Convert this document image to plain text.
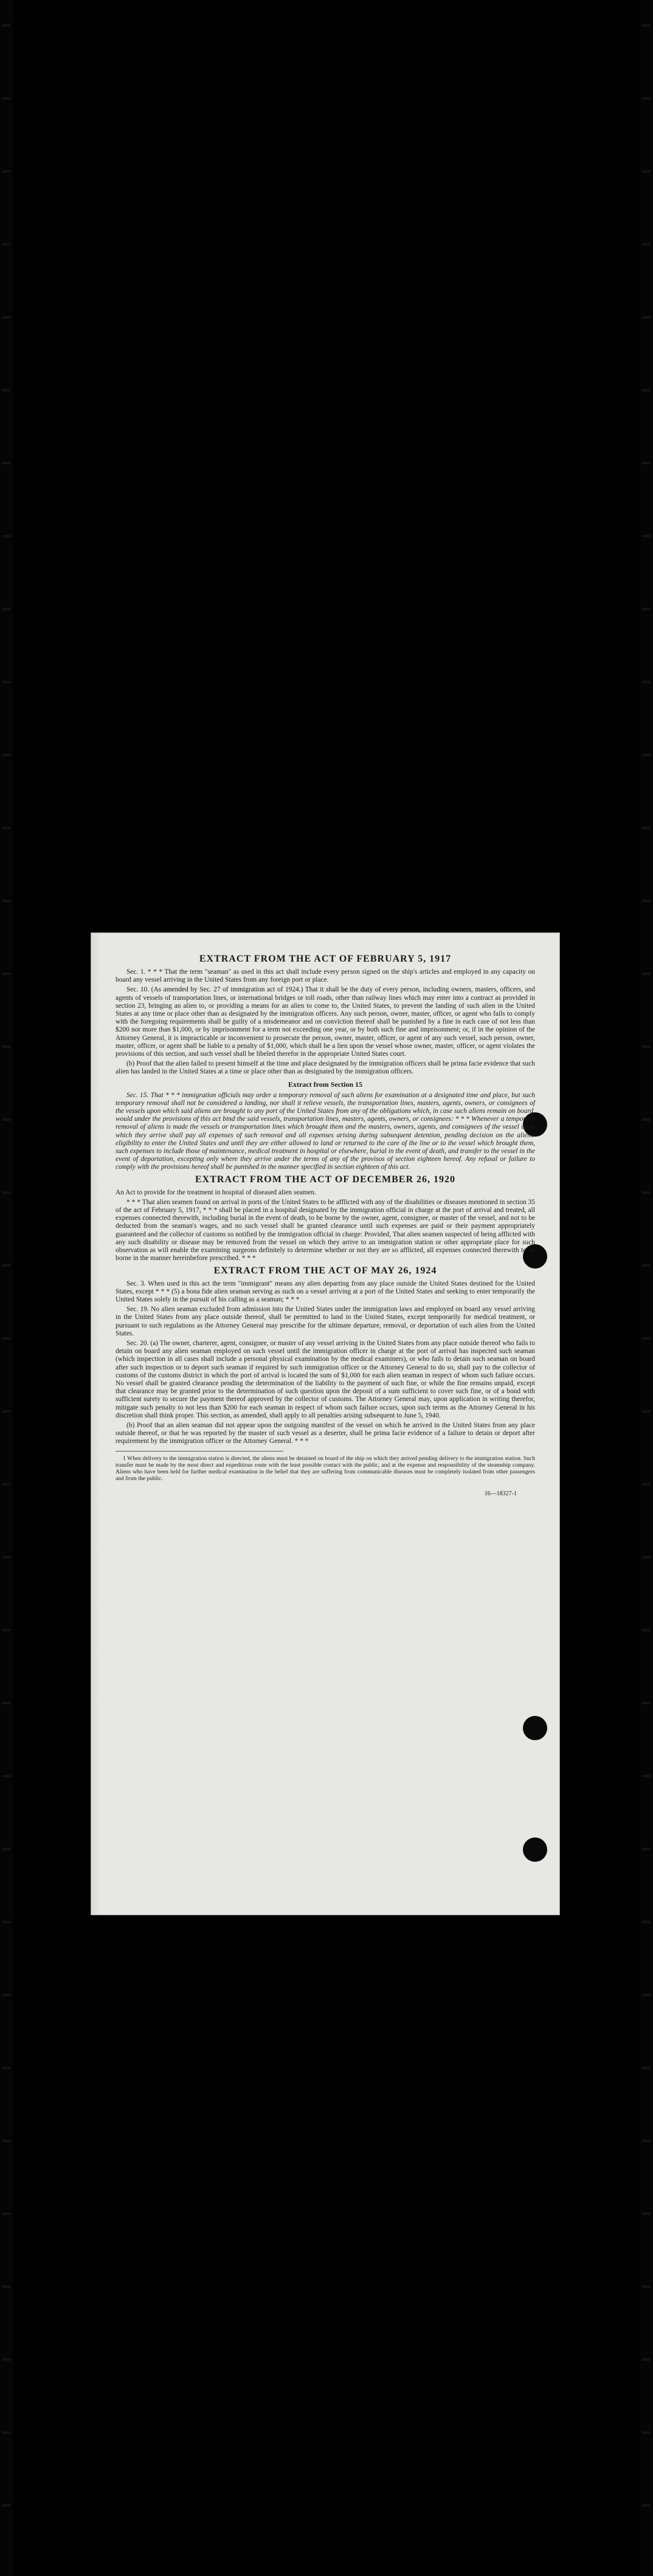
EXTRACT FROM THE ACT OF FEBRUARY 5, 1917

Sec. 1. * * * That the term "seaman" as used in this act shall include every person signed on the ship's articles and employed in any capacity on board any vessel arriving in the United States from any foreign port or place.

Sec. 10. (As amended by Sec. 27 of immigration act of 1924.) That it shall be the duty of every person, including owners, masters, officers, and agents of vessels of transportation lines, or international bridges or toll roads, other than railway lines which may enter into a contract as provided in section 23, bringing an alien to, or providing a means for an alien to come to, the United States, to prevent the landing of such alien in the United States at any time or place other than as designated by the immigration officers. Any such person, owner, master, officer, or agent who fails to comply with the foregoing requirements shall be guilty of a misdemeanor and on conviction thereof shall be punished by a fine in each case of not less than $200 nor more than $1,000, or by imprisonment for a term not exceeding one year, or by both such fine and imprisonment; or, if in the opinion of the Attorney General, it is impracticable or inconvenient to prosecute the person, owner, master, officer, or agent of any such vessel, such person, owner, master, officer, or agent shall be liable to a penalty of $1,000, which shall be a lien upon the vessel whose owner, master, officer, or agent violates the provisions of this section, and such vessel shall be libeled therefor in the appropriate United States court.

(b) Proof that the alien failed to present himself at the time and place designated by the immigration officers shall be prima facie evidence that such alien has landed in the United States at a time or place other than as designated by the immigration officers.

Extract from Section 15

Sec. 15. That * * * immigration officials may order a temporary removal of such aliens for examination at a designated time and place, but such temporary removal shall not be considered a landing, nor shall it relieve vessels, the transportation lines, masters, agents, owners, or consignees of the vessels upon which said aliens are brought to any port of the United States from any of the obligations which, in case such aliens remain on board, would under the provisions of this act bind the said vessels, transportation lines, masters, agents, owners, or consignees: * * * Whenever a temporary removal of aliens is made the vessels or transportation lines which brought them and the masters, owners, agents, and consignees of the vessel upon which they arrive shall pay all expenses of such removal and all expenses arising during subsequent detention, pending decision on the aliens' eligibility to enter the United States and until they are either allowed to land or returned to the care of the line or to the vessel which brought them, such expenses to include those of maintenance, medical treatment in hospital or elsewhere, burial in the event of death, and transfer to the vessel in the event of deportation, excepting only where they arrive under the terms of any of the provisos of section eighteen hereof. Any refusal or failure to comply with the provisions hereof shall be punished in the manner specified in section eighteen of this act.

EXTRACT FROM THE ACT OF DECEMBER 26, 1920

An Act to provide for the treatment in hospital of diseased alien seamen.

* * * That alien seamen found on arrival in ports of the United States to be afflicted with any of the disabilities or diseases mentioned in section 35 of the act of February 5, 1917, * * * shall be placed in a hospital designated by the immigration official in charge at the port of arrival and treated, all expenses connected therewith, including burial in the event of death, to be borne by the owner, agent, consignee, or master of the vessel, and not to be deducted from the seaman's wages, and no such vessel shall be granted clearance until such expenses are paid or their payment appropriately guaranteed and the collector of customs so notified by the immigration official in charge: Provided, That alien seamen suspected of being afflicted with any such disability or disease may be removed from the vessel on which they arrive to an immigration station or other appropriate place for such observation as will enable the examining surgeons definitely to determine whether or not they are so afflicted, all expenses connected therewith to be borne in the manner hereinbefore prescribed. * * *

EXTRACT FROM THE ACT OF MAY 26, 1924

Sec. 3. When used in this act the term "immigrant" means any alien departing from any place outside the United States destined for the United States, except * * * (5) a bona fide alien seaman serving as such on a vessel arriving at a port of the United States and seeking to enter temporarily the United States solely in the pursuit of his calling as a seaman; * * *

Sec. 19. No alien seaman excluded from admission into the United States under the immigration laws and employed on board any vessel arriving in the United States from any place outside thereof, shall be permitted to land in the United States, except temporarily for medical treatment, or pursuant to such regulations as the Attorney General may prescribe for the ultimate departure, removal, or deportation of such alien from the United States.

Sec. 20. (a) The owner, charterer, agent, consignee, or master of any vessel arriving in the United States from any place outside thereof who fails to detain on board any alien seaman employed on such vessel until the immigration officer in charge at the port of arrival has inspected such seaman (which inspection in all cases shall include a personal physical examination by the medical examiners), or who fails to detain such seaman on board after such inspection or to deport such seaman if required by such immigration officer or the Attorney General to do so, shall pay to the collector of customs of the customs district in which the port of arrival is located the sum of $1,000 for each alien seaman in respect of whom such failure occurs. No vessel shall be granted clearance pending the determination of the liability to the payment of such fine, or while the fine remains unpaid, except that clearance may be granted prior to the determination of such question upon the deposit of a sum sufficient to cover such fine, or of a bond with sufficient surety to secure the payment thereof approved by the collector of customs. The Attorney General may, upon application in writing therefor, mitigate such penalty to not less than $200 for each seaman in respect of whom such failure occurs, upon such terms as the Attorney General in his discretion shall think proper. This section, as amended, shall apply to all penalties arising subsequent to June 5, 1940.

(b) Proof that an alien seaman did not appear upon the outgoing manifest of the vessel on which he arrived in the United States from any place outside thereof, or that he was reported by the master of such vessel as a deserter, shall be prima facie evidence of a failure to detain or deport after requirement by the immigration officer or the Attorney General. * * *

1 When delivery to the immigration station is directed, the aliens must be detained on board of the ship on which they arrived pending delivery to the immigration station. Such transfer must be made by the most direct and expeditious route with the least possible contact with the public, and at the expense and responsibility of the steamship company. Aliens who have been held for further medical examination in the belief that they are suffering from communicable diseases must be completely isolated from other passengers and from the public.
16—18327-1
